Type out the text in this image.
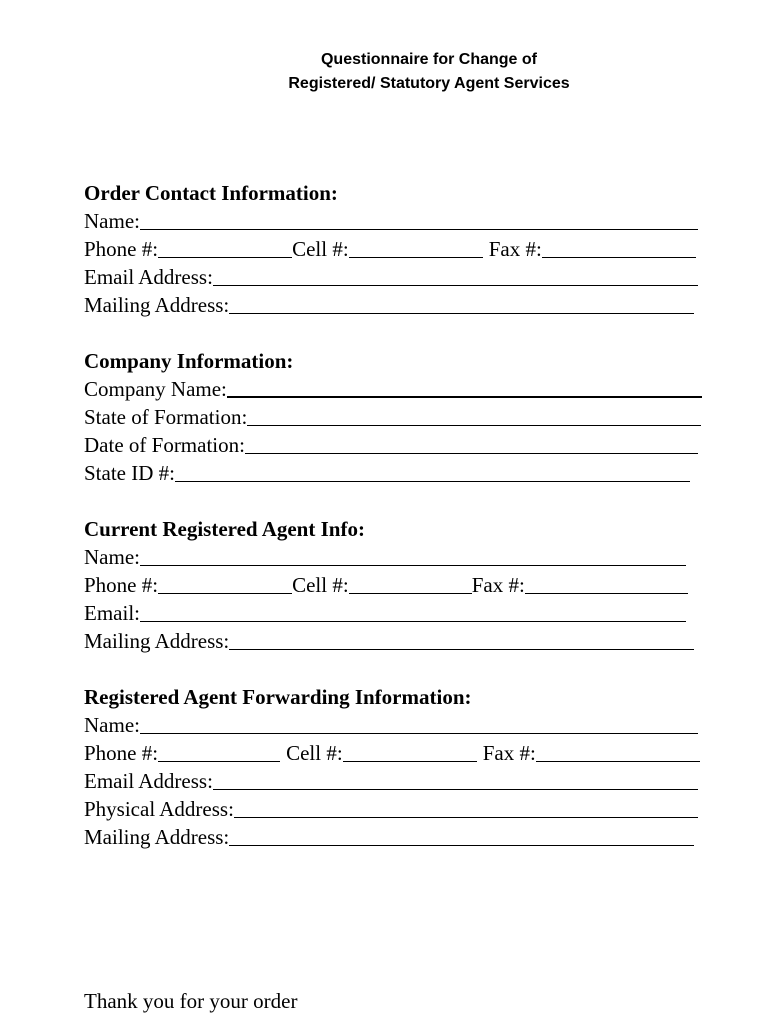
Questionnaire for Change of
Registered/ Statutory Agent Services
Order Contact Information:
Name:
Phone #:	Cell #:	Fax #:
Email Address:
Mailing Address:
Company Information:
Company Name:
State of Formation:
Date of Formation:
State ID #:
Current Registered Agent Info:
Name:
Phone #:	Cell #:	Fax #:
Email:
Mailing Address:
Registered Agent Forwarding Information:
Name:
Phone #:	Cell #:	Fax #:
Email Address:
Physical Address:
Mailing Address:
Thank you for your order
